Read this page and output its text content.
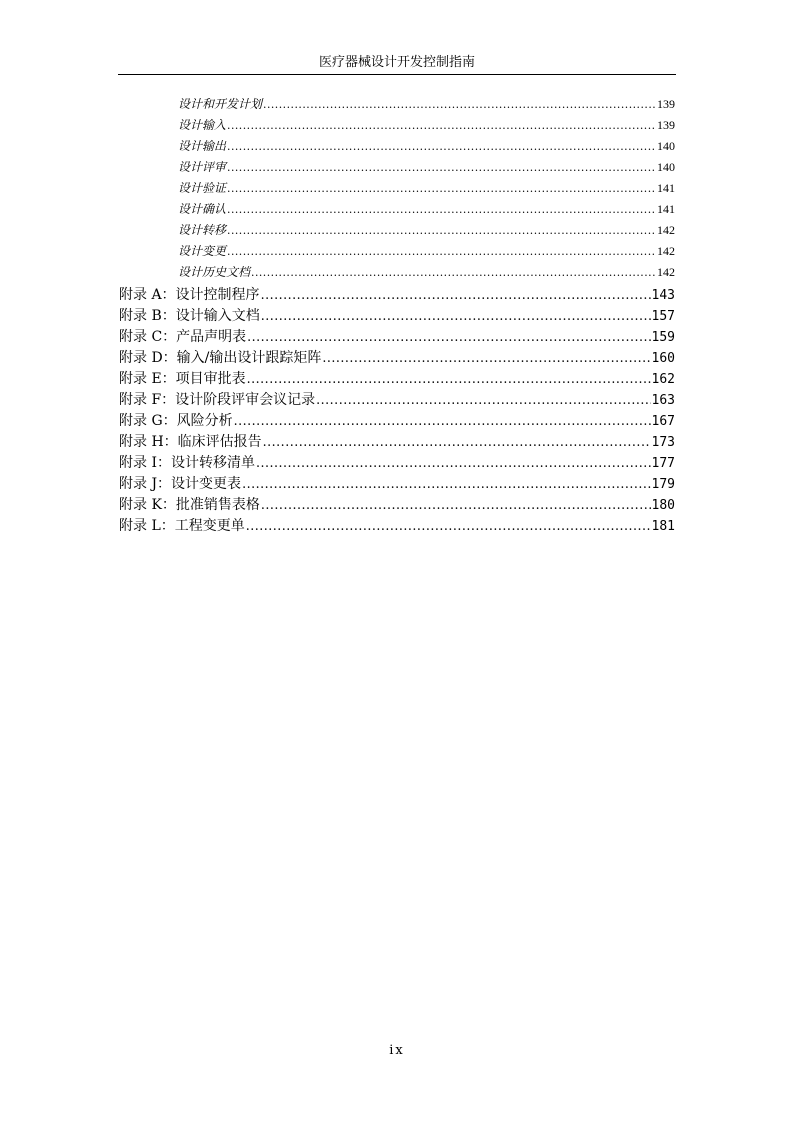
医疗器械设计开发控制指南
设计和开发计划 .....	139
设计输入 .....	139
设计输出 .....	140
设计评审 .....	140
设计验证 .....	141
设计确认 .....	141
设计转移 .....	142
设计变更 .....	142
设计历史文档 .....	142
附录 A：设计控制程序 .....	143
附录 B：设计输入文档 .....	157
附录 C：产品声明表 .....	159
附录 D：输入/输出设计跟踪矩阵 .....	160
附录 E：项目审批表 .....	162
附录 F：设计阶段评审会议记录 .....	163
附录 G：风险分析 .....	167
附录 H：临床评估报告 .....	173
附录 I：设计转移清单 .....	177
附录 J：设计变更表 .....	179
附录 K：批准销售表格 .....	180
附录 L：工程变更单 .....	181
ix
